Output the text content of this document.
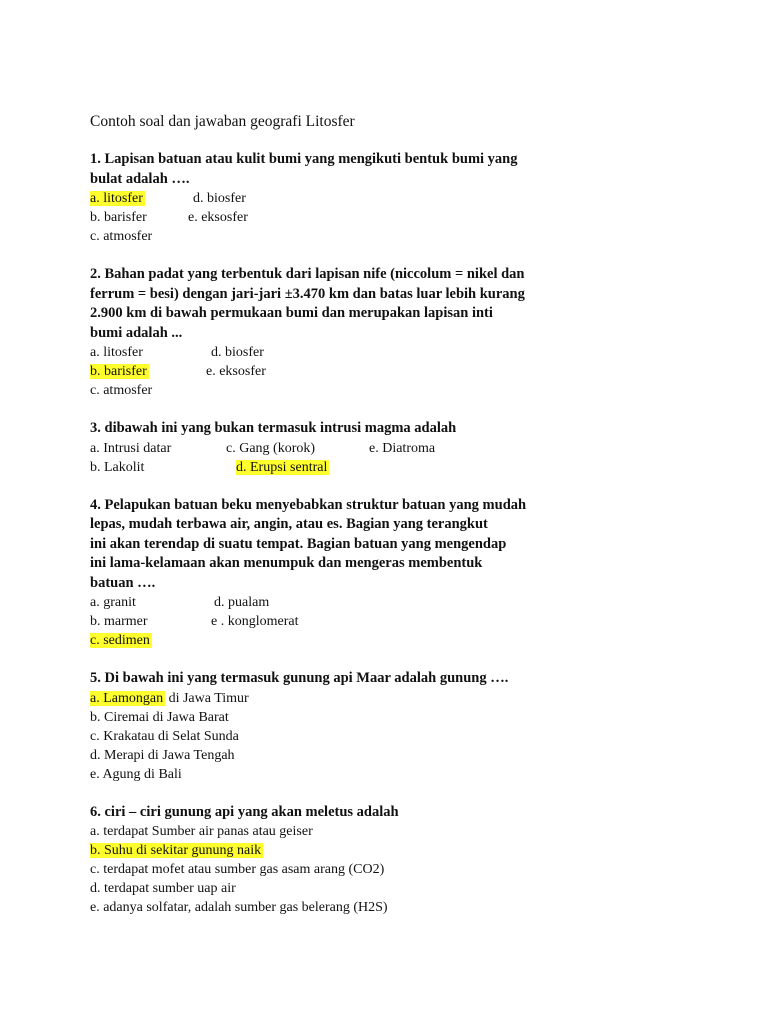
Contoh soal dan jawaban geografi Litosfer
1. Lapisan batuan atau kulit bumi yang mengikuti bentuk bumi yang
bulat adalah ….
a. litosfer	d. biosfer
b. barisfer	e. eksosfer
c. atmosfer
2. Bahan padat yang terbentuk dari lapisan nife (niccolum = nikel dan
ferrum = besi) dengan jari-jari ±3.470 km dan batas luar lebih kurang
2.900 km di bawah permukaan bumi dan merupakan lapisan inti
bumi adalah ...
a. litosfer	d. biosfer
b. barisfer	e. eksosfer
c. atmosfer
3. dibawah ini yang bukan termasuk intrusi magma adalah
a. Intrusi datar	c. Gang (korok)	e. Diatroma
b. Lakolit	d. Erupsi sentral
4. Pelapukan batuan beku menyebabkan struktur batuan yang mudah
lepas, mudah terbawa air, angin, atau es. Bagian yang terangkut
ini akan terendap di suatu tempat. Bagian batuan yang mengendap
ini lama-kelamaan akan menumpuk dan mengeras membentuk
batuan ….
a. granit	d. pualam
b. marmer	e . konglomerat
c. sedimen
5. Di bawah ini yang termasuk gunung api Maar adalah gunung ….
a. Lamongan di Jawa Timur
b. Ciremai di Jawa Barat
c. Krakatau di Selat Sunda
d. Merapi di Jawa Tengah
e. Agung di Bali
6. ciri – ciri gunung api yang akan meletus adalah
a. terdapat Sumber air panas atau geiser
b. Suhu di sekitar gunung naik
c. terdapat mofet atau sumber gas asam arang (CO2)
d. terdapat sumber uap air
e. adanya solfatar, adalah sumber gas belerang (H2S)
